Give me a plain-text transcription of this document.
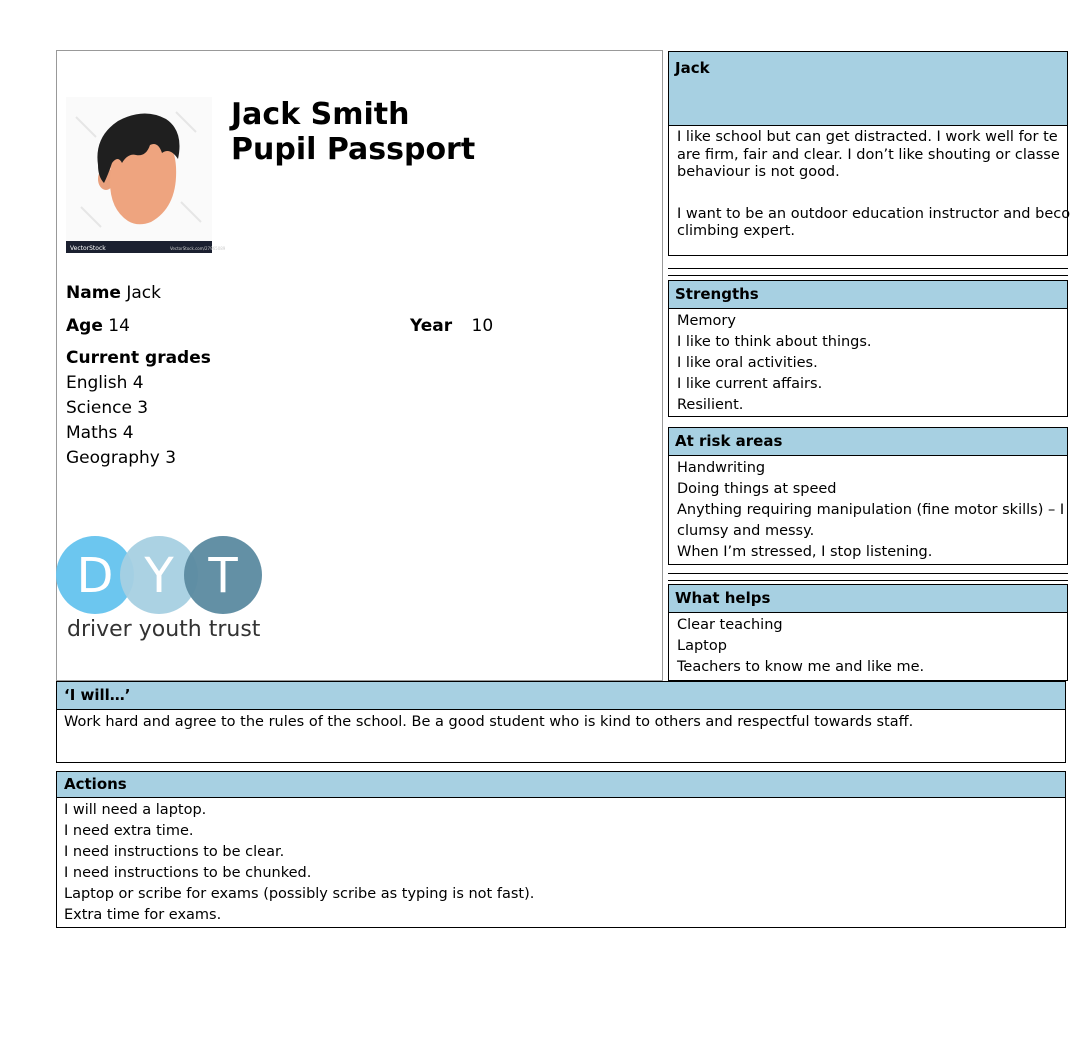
VectorStock	VectorStock.com/27965089
Jack Smith
Pupil Passport
Name Jack
Age 14	Year 10
Current grades
English 4
Science 3
Maths 4
Geography 3
D Y T
driver youth trust
Jack
I like school but can get distracted. I work well for te
are firm, fair and clear. I don’t like shouting or classe
behaviour is not good.
I want to be an outdoor education instructor and beco
climbing expert.
Strengths
Memory
I like to think about things.
I like oral activities.
I like current affairs.
Resilient.
At risk areas
Handwriting
Doing things at speed
Anything requiring manipulation (fine motor skills) – I
clumsy and messy.
When I’m stressed, I stop listening.
What helps
Clear teaching
Laptop
Teachers to know me and like me.
‘I will…’
Work hard and agree to the rules of the school. Be a good student who is kind to others and respectful towards staff.
Actions
I will need a laptop.
I need extra time.
I need instructions to be clear.
I need instructions to be chunked.
Laptop or scribe for exams (possibly scribe as typing is not fast).
Extra time for exams.
